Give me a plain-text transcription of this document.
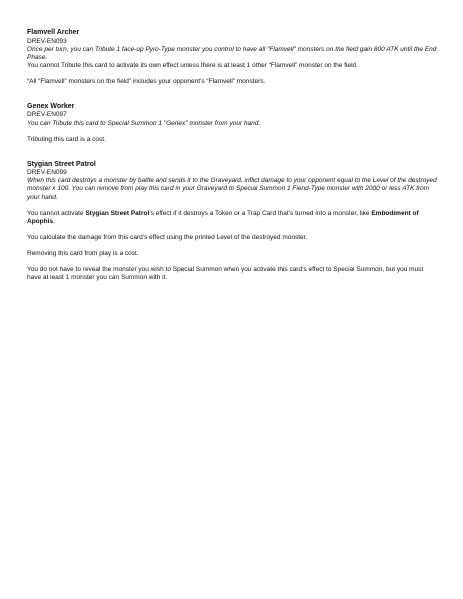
Flamvell Archer

DREV-EN093

Once per turn, you can Tribute 1 face-up Pyro-Type monster you control to have all "Flamvell" monsters on the field gain 800 ATK until the End Phase.

You cannot Tribute this card to activate its own effect unless there is at least 1 other “Flamvell” monster on the field.

“All “Flamvell” monsters on the field” includes your opponent’s “Flamvell” monsters.

Genex Worker

DREV-EN097

You can Tribute this card to Special Summon 1 "Genex" monster from your hand.

Tributing this card is a cost.

Stygian Street Patrol

DREV-EN099

When this card destroys a monster by battle and sends it to the Graveyard, inflict damage to your opponent equal to the Level of the destroyed monster x 100. You can remove from play this card in your Graveyard to Special Summon 1 Fiend-Type monster with 2000 or less ATK from your hand.

You cannot activate Stygian Street Patrol’s effect if it destroys a Token or a Trap Card that’s turned into a monster, like Embodiment of Apophis.

You calculate the damage from this card’s effect using the printed Level of the destroyed monster.

Removing this card from play is a cost.

You do not have to reveal the monster you wish to Special Summon when you activate this card’s effect to Special Summon, but you must have at least 1 monster you can Summon with it.
